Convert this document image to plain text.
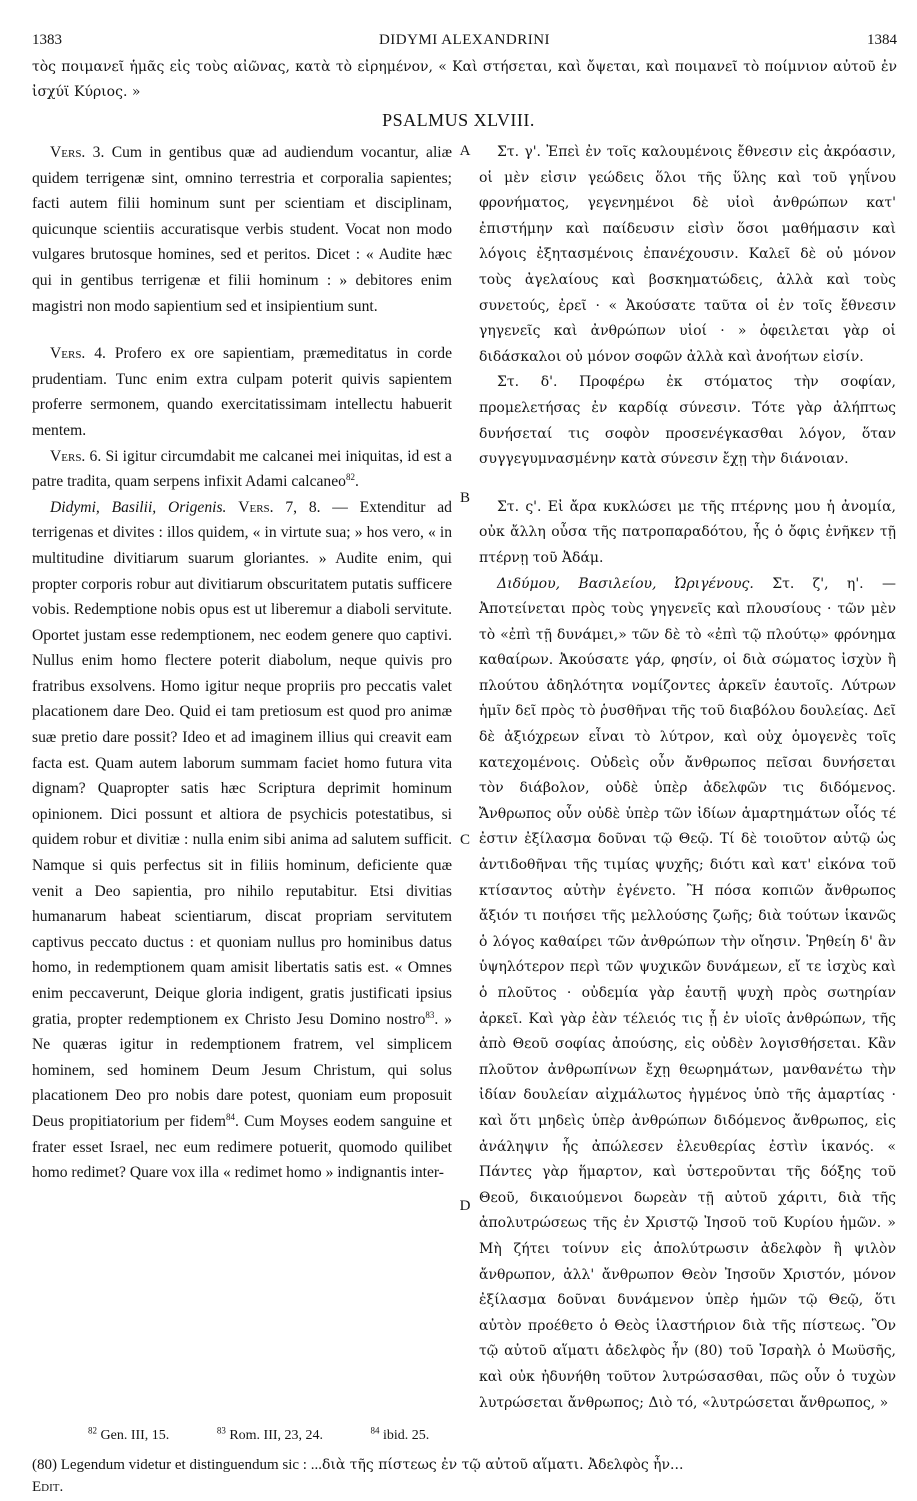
1383	DIDYMI ALEXANDRINI	1384
τὸς ποιμανεῖ ἡμᾶς εἰς τοὺς αἰῶνας, κατὰ τὸ εἰρημένον, « Καὶ στήσεται, καὶ ὄψεται, καὶ ποιμανεῖ τὸ ποίμνιον αὐτοῦ ἐν ἰσχύϊ Κύριος. »
PSALMUS XLVIII.
A
B
C
D

Vers. 3. Cum in gentibus quæ ad audiendum vocantur, aliæ quidem terrigenæ sint, omnino terrestria et corporalia sapientes; facti autem filii hominum sunt per scientiam et disciplinam, quicunque scientiis accuratisque verbis student. Vocat non modo vulgares brutosque homines, sed et peritos. Dicet : « Audite hæc qui in gentibus terrigenæ et filii hominum : » debitores enim magistri non modo sapientium sed et insipientium sunt.

Vers. 4. Profero ex ore sapientiam, præmeditatus in corde prudentiam. Tunc enim extra culpam poterit quivis sapientem proferre sermonem, quando exercitatissimam intellectu habuerit mentem.

Vers. 6. Si igitur circumdabit me calcanei mei iniquitas, id est a patre tradita, quam serpens infixit Adami calcaneo$^{82}$.

Didymi, Basilii, Origenis. Vers. 7, 8. — Extenditur ad terrigenas et divites : illos quidem, « in virtute sua; » hos vero, « in multitudine divitiarum suarum gloriantes. » Audite enim, qui propter corporis robur aut divitiarum obscuritatem putatis sufficere vobis. Redemptione nobis opus est ut liberemur a diaboli servitute. Oportet justam esse redemptionem, nec eodem genere quo captivi. Nullus enim homo flectere poterit diabolum, neque quivis pro fratribus exsolvens. Homo igitur neque propriis pro peccatis valet placationem dare Deo. Quid ei tam pretiosum est quod pro animæ suæ pretio dare possit? Ideo et ad imaginem illius qui creavit eam facta est. Quam autem laborum summam faciet homo futura vita dignam? Quapropter satis hæc Scriptura deprimit hominum opinionem. Dici possunt et altiora de psychicis potestatibus, si quidem robur et divitiæ : nulla enim sibi anima ad salutem sufficit. Namque si quis perfectus sit in filiis hominum, deficiente quæ venit a Deo sapientia, pro nihilo reputabitur. Etsi divitias humanarum habeat scientiarum, discat propriam servitutem captivus peccato ductus : et quoniam nullus pro hominibus datus homo, in redemptionem quam amisit libertatis satis est. « Omnes enim peccaverunt, Deique gloria indigent, gratis justificati ipsius gratia, propter redemptionem ex Christo Jesu Domino nostro$^{83}$. » Ne quæras igitur in redemptionem fratrem, vel simplicem hominem, sed hominem Deum Jesum Christum, qui solus placationem Deo pro nobis dare potest, quoniam eum proposuit Deus propitiatorium per fidem$^{84}$. Cum Moyses eodem sanguine et frater esset Israel, nec eum redimere potuerit, quomodo quilibet homo redimet? Quare vox illa « redimet homo » indignantis inter-

Στ. γ'. Ἐπεὶ ἐν τοῖς καλουμένοις ἔθνεσιν εἰς ἀκρόασιν, οἱ μὲν εἰσιν γεώδεις ὅλοι τῆς ὕλης καὶ τοῦ γηΐνου φρονήματος, γεγενημένοι δὲ υἱοὶ ἀνθρώπων κατ' ἐπιστήμην καὶ παίδευσιν εἰσὶν ὅσοι μαθήμασιν καὶ λόγοις ἐξητασμένοις ἐπανέχουσιν. Καλεῖ δὲ οὐ μόνον τοὺς ἀγελαίους καὶ βοσκηματώδεις, ἀλλὰ καὶ τοὺς συνετούς, ἐρεῖ · « Ἀκούσατε ταῦτα οἱ ἐν τοῖς ἔθνεσιν γηγενεῖς καὶ ἀνθρώπων υἱοί · » ὀφειλεται γὰρ οἱ διδάσκαλοι οὐ μόνον σοφῶν ἀλλὰ καὶ ἀνοήτων εἰσίν.

Στ. δ'. Προφέρω ἐκ στόματος τὴν σοφίαν, προμελετήσας ἐν καρδίᾳ σύνεσιν. Τότε γὰρ ἀλήπτως δυνήσεταί τις σοφὸν προσενέγκασθαι λόγον, ὅταν συγγεγυμνασμένην κατὰ σύνεσιν ἔχῃ τὴν διάνοιαν.

Στ. ς'. Εἰ ἄρα κυκλώσει με τῆς πτέρνης μου ἡ ἀνομία, οὐκ ἄλλη οὖσα τῆς πατροπαραδότου, ἧς ὁ ὄφις ἐνῆκεν τῇ πτέρνῃ τοῦ Ἀδάμ.

Διδύμου, Βασιλείου, Ὠριγένους. Στ. ζ', η'. — Ἀποτείνεται πρὸς τοὺς γηγενεῖς καὶ πλουσίους · τῶν μὲν τὸ «ἐπὶ τῇ δυνάμει,» τῶν δὲ τὸ «ἐπὶ τῷ πλούτῳ» φρόνημα καθαίρων. Ἀκούσατε γάρ, φησίν, οἱ διὰ σώματος ἰσχὺν ἢ πλούτου ἀδηλότητα νομίζοντες ἀρκεῖν ἑαυτοῖς. Λύτρων ἡμῖν δεῖ πρὸς τὸ ῥυσθῆναι τῆς τοῦ διαβόλου δουλείας. Δεῖ δὲ ἀξιόχρεων εἶναι τὸ λύτρον, καὶ οὐχ ὁμογενὲς τοῖς κατεχομένοις. Οὐδεὶς οὖν ἄνθρωπος πεῖσαι δυνήσεται τὸν διάβολον, οὐδὲ ὑπὲρ ἀδελφῶν τις διδόμενος. Ἄνθρωπος οὖν οὐδὲ ὑπὲρ τῶν ἰδίων ἁμαρτημάτων οἷός τέ ἐστιν ἐξίλασμα δοῦναι τῷ Θεῷ. Τί δὲ τοιοῦτον αὐτῷ ὡς ἀντιδοθῆναι τῆς τιμίας ψυχῆς; διότι καὶ κατ' εἰκόνα τοῦ κτίσαντος αὐτὴν ἐγένετο. Ἢ πόσα κοπιῶν ἄνθρωπος ἄξιόν τι ποιήσει τῆς μελλούσης ζωῆς; διὰ τούτων ἱκανῶς ὁ λόγος καθαίρει τῶν ἀνθρώπων τὴν οἴησιν. Ῥηθείη δ' ἂν ὑψηλότερον περὶ τῶν ψυχικῶν δυνάμεων, εἴ τε ἰσχὺς καὶ ὁ πλοῦτος · οὐδεμία γὰρ ἑαυτῇ ψυχὴ πρὸς σωτηρίαν ἀρκεῖ. Καὶ γὰρ ἐὰν τέλειός τις ᾖ ἐν υἱοῖς ἀνθρώπων, τῆς ἀπὸ Θεοῦ σοφίας ἀπούσης, εἰς οὐδὲν λογισθήσεται. Κἂν πλοῦτον ἀνθρωπίνων ἔχῃ θεωρημάτων, μανθανέτω τὴν ἰδίαν δουλείαν αἰχμάλωτος ἠγμένος ὑπὸ τῆς ἁμαρτίας · καὶ ὅτι μηδεὶς ὑπὲρ ἀνθρώπων διδόμενος ἄνθρωπος, εἰς ἀνάληψιν ἧς ἀπώλεσεν ἐλευθερίας ἐστὶν ἱκανός. « Πάντες γὰρ ἥμαρτον, καὶ ὑστεροῦνται τῆς δόξης τοῦ Θεοῦ, δικαιούμενοι δωρεὰν τῇ αὐτοῦ χάριτι, διὰ τῆς ἀπολυτρώσεως τῆς ἐν Χριστῷ Ἰησοῦ τοῦ Κυρίου ἡμῶν. » Μὴ ζήτει τοίνυν εἰς ἀπολύτρωσιν ἀδελφὸν ἢ ψιλὸν ἄνθρωπον, ἀλλ' ἄνθρωπον Θεὸν Ἰησοῦν Χριστόν, μόνον ἐξίλασμα δοῦναι δυνάμενον ὑπὲρ ἡμῶν τῷ Θεῷ, ὅτι αὐτὸν προέθετο ὁ Θεὸς ἱλαστήριον διὰ τῆς πίστεως. Ὃν τῷ αὐτοῦ αἵματι ἀδελφὸς ἦν (80) τοῦ Ἰσραὴλ ὁ Μωϋσῆς, καὶ οὐκ ἠδυνήθη τοῦτον λυτρώσασθαι, πῶς οὖν ὁ τυχὼν λυτρώσεται ἄνθρωπος; Διὸ τό, «λυτρώσεται ἄνθρωπος, »

$^{82}$ Gen. III, 15.	$^{83}$ Rom. III, 23, 24.	$^{84}$ ibid. 25.
(80) Legendum videtur et distinguendum sic : ...διὰ τῆς πίστεως ἐν τῷ αὐτοῦ αἵματι. Ἀδελφὸς ἦν...
Edit.
